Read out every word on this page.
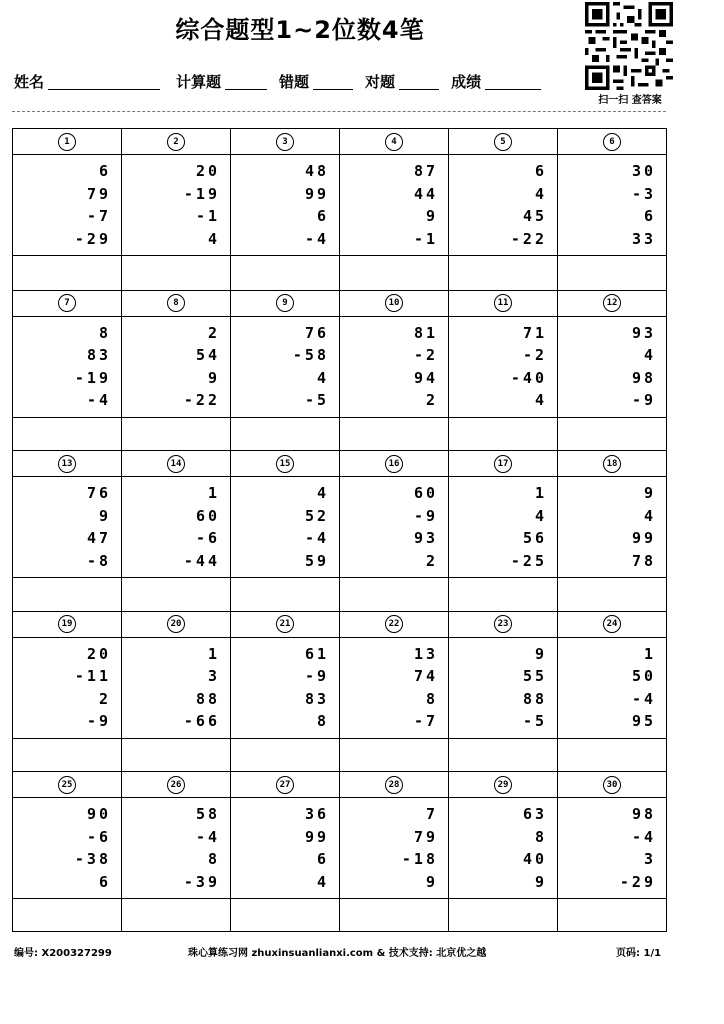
综合题型1~2位数4笔
扫一扫 查答案
姓名	计算题	错题	对题	成绩
1
6
79
-7
-29
2
20
-19
-1
4
3
48
99
6
-4
4
87
44
9
-1
5
6
4
45
-22
6
30
-3
6
33
7
8
83
-19
-4
8
2
54
9
-22
9
76
-58
4
-5
10
81
-2
94
2
11
71
-2
-40
4
12
93
4
98
-9
13
76
9
47
-8
14
1
60
-6
-44
15
4
52
-4
59
16
60
-9
93
2
17
1
4
56
-25
18
9
4
99
78
19
20
-11
2
-9
20
1
3
88
-66
21
61
-9
83
8
22
13
74
8
-7
23
9
55
88
-5
24
1
50
-4
95
25
90
-6
-38
6
26
58
-4
8
-39
27
36
99
6
4
28
7
79
-18
9
29
63
8
40
9
30
98
-4
3
-29
编号: X200327299	珠心算练习网 zhuxinsuanlianxi.com & 技术支持: 北京优之越	页码: 1/1
